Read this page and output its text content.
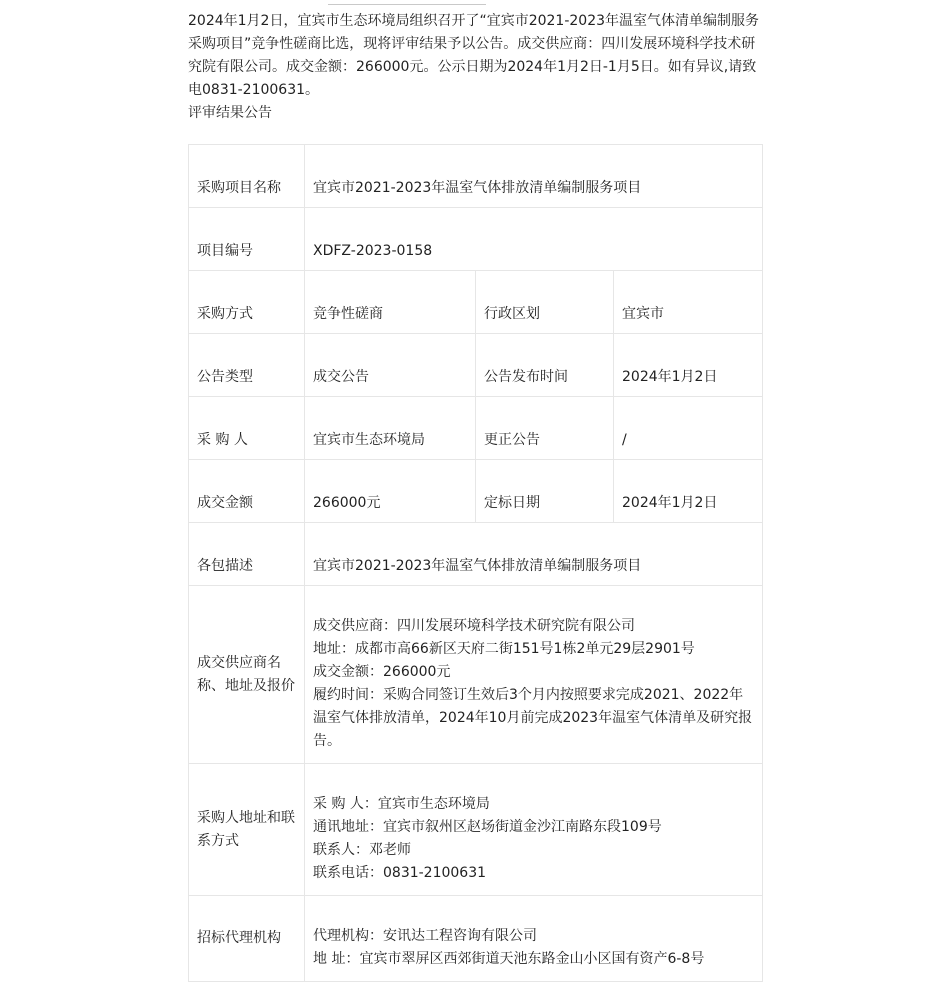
2024年1月2日，宜宾市生态环境局组织召开了“宜宾市2021-2023年温室气体清单编制服务采购项目”竞争性磋商比选，现将评审结果予以公告。成交供应商：四川发展环境科学技术研究院有限公司。成交金额：266000元。公示日期为2024年1月2日-1月5日。如有异议,请致电0831-2100631。

评审结果公告

采购项目名称	宜宾市2021-2023年温室气体排放清单编制服务项目		
项目编号	XDFZ-2023-0158		
采购方式	竞争性磋商	行政区划	宜宾市
公告类型	成交公告	公告发布时间	2024年1月2日
采 购 人	宜宾市生态环境局	更正公告	/
成交金额	266000元	定标日期	2024年1月2日
各包描述	宜宾市2021-2023年温室气体排放清单编制服务项目		
成交供应商名称、地址及报价	成交供应商：四川发展环境科学技术研究院有限公司
地址：成都市高66新区天府二街151号1栋2单元29层2901号
成交金额：266000元
履约时间：采购合同签订生效后3个月内按照要求完成2021、2022年温室气体排放清单，2024年10月前完成2023年温室气体清单及研究报告。		

采购人地址和联系方式	采 购 人：宜宾市生态环境局
通讯地址：宜宾市叙州区赵场街道金沙江南路东段109号
联系人：邓老师
联系电话：0831-2100631		

招标代理机构	代理机构：安讯达工程咨询有限公司
地 址：宜宾市翠屏区西郊街道天池东路金山小区国有资产6-8号		
